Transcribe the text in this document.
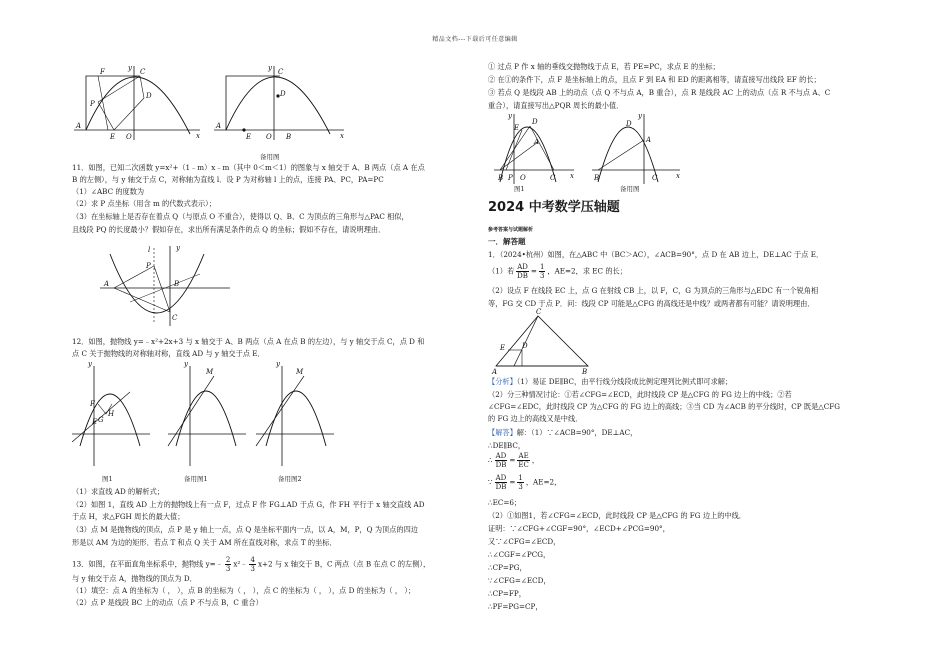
精品文档---下载后可任意编辑
A
F
P
E O
C
D
x
y
A
E O
C
D
B	x
y
备用图
11．如图，已知二次函数 y=x²+（1﹣m）x﹣m（其中 0＜m＜1）的图象与 x 轴交于 A、B 两点（点 A 在点
B 的左侧），与 y 轴交于点 C，对称轴为直线 l．设 P 为对称轴 l 上的点，连接 PA、PC，PA=PC
（1）∠ABC 的度数为
（2）求 P 点坐标（用含 m 的代数式表示）；
（3）在坐标轴上是否存在着点 Q（与原点 O 不重合），使得以 Q、B、C 为顶点的三角形与△PAC 相似，
且线段 PQ 的长度最小？假如存在，求出所有满足条件的点 Q 的坐标；假如不存在，请说明理由．
A
P
l
B
C
y
12．如图，抛物线 y=﹣x²+2x+3 与 x 轴交于 A、B 两点（点 A 在点 B 的左边），与 y 轴交于点 C，点 D 和
点 C 关于抛物线的对称轴对称，直线 AD 与 y 轴交于点 E．
F
H
G
E
y
M
y
M
y
图1	备用图1	备用图2
（1）求直线 AD 的解析式；
（2）如图 1，直线 AD 上方的抛物线上有一点 F，过点 F 作 FG⊥AD 于点 G，作 FH 平行于 x 轴交直线 AD
于点 H，求△FGH 周长的最大值；
（3）点 M 是抛物线的顶点，点 P 是 y 轴上一点，点 Q 是坐标平面内一点，以 A，M，P，Q 为顶点的四边
形是以 AM 为边的矩形．若点 T 和点 Q 关于 AM 所在直线对称，求点 T 的坐标．
13．如图，在平面直角坐标系中，抛物线 y=﹣ $\frac{2}{3}$ x²﹣ $\frac{4}{3} x+2$ 与 x 轴交于 B，C 两点（点 B 在点 C 的左侧），
与 y 轴交于点 A，抛物线的顶点为 D．
（1）填空：点 A 的坐标为（ ， ），点 B 的坐标为（ ， ），点 C 的坐标为（ ， ），点 D 的坐标为（ ， ）；
（2）点 P 是线段 BC 上的动点（点 P 不与点 B，C 重合）
① 过点 P 作 x 轴的垂线交抛物线于点 E，若 PE=PC，求点 E 的坐标；
② 在①的条件下，点 F 是坐标轴上的点，且点 F 到 EA 和 ED 的距离相等，请直接写出线段 EF 的长；
③ 若点 Q 是线段 AB 上的动点（点 Q 不与点 A，B 重合），点 R 是线段 AC 上的动点（点 R 不与点 A、C
重合），请直接写出△PQR 周长的最小值．
E
D
A
B P O	C x
y
D
A
B	C	x
y
图1	备用图
2024 中考数学压轴题
参考答案与试题解析
一．解答题
1．（2024•杭州）如图，在△ABC 中（BC＞AC），∠ACB=90°，点 D 在 AB 边上，DE⊥AC 于点 E．
（1）若 $\frac{AD}{DB} = \frac{1}{3}$ ，AE=2，求 EC 的长；
（2）设点 F 在线段 EC 上，点 G 在射线 CB 上，以 F，C，G 为顶点的三角形与△EDC 有一个锐角相
等，FG 交 CD 于点 P．问：线段 CP 可能是△CFG 的高线还是中线？或两者都有可能？请说明理由．
C
E D
A	B
【分析】（1）易证 DE∥BC，由平行线分线段成比例定理列比例式即可求解；
（2）分三种情况讨论：①若∠CFG=∠ECD，此时线段 CP 是△CFG 的 FG 边上的中线；②若
∠CFG=∠EDC，此时线段 CP 为△CFG 的 FG 边上的高线；③当 CD 为∠ACB 的平分线时，CP 既是△CFG
的 FG 边上的高线又是中线．
【解答】解：（1）∵∠ACB=90°，DE⊥AC，
∴DE∥BC，
∴ $\frac{AD}{DB} = \frac{AE}{EC}$ ，
∵ $\frac{AD}{DB} = \frac{1}{3}$ ，AE=2，
∴EC=6；
（2）①如图1，若∠CFG=∠ECD，此时线段 CP 是△CFG 的 FG 边上的中线．
证明：∵∠CFG+∠CGF=90°，∠ECD+∠PCG=90°，
又∵∠CFG=∠ECD，
∴∠CGF=∠PCG，
∴CP=PG，
∵∠CFG=∠ECD，
∴CP=FP，
∴PF=PG=CP，
